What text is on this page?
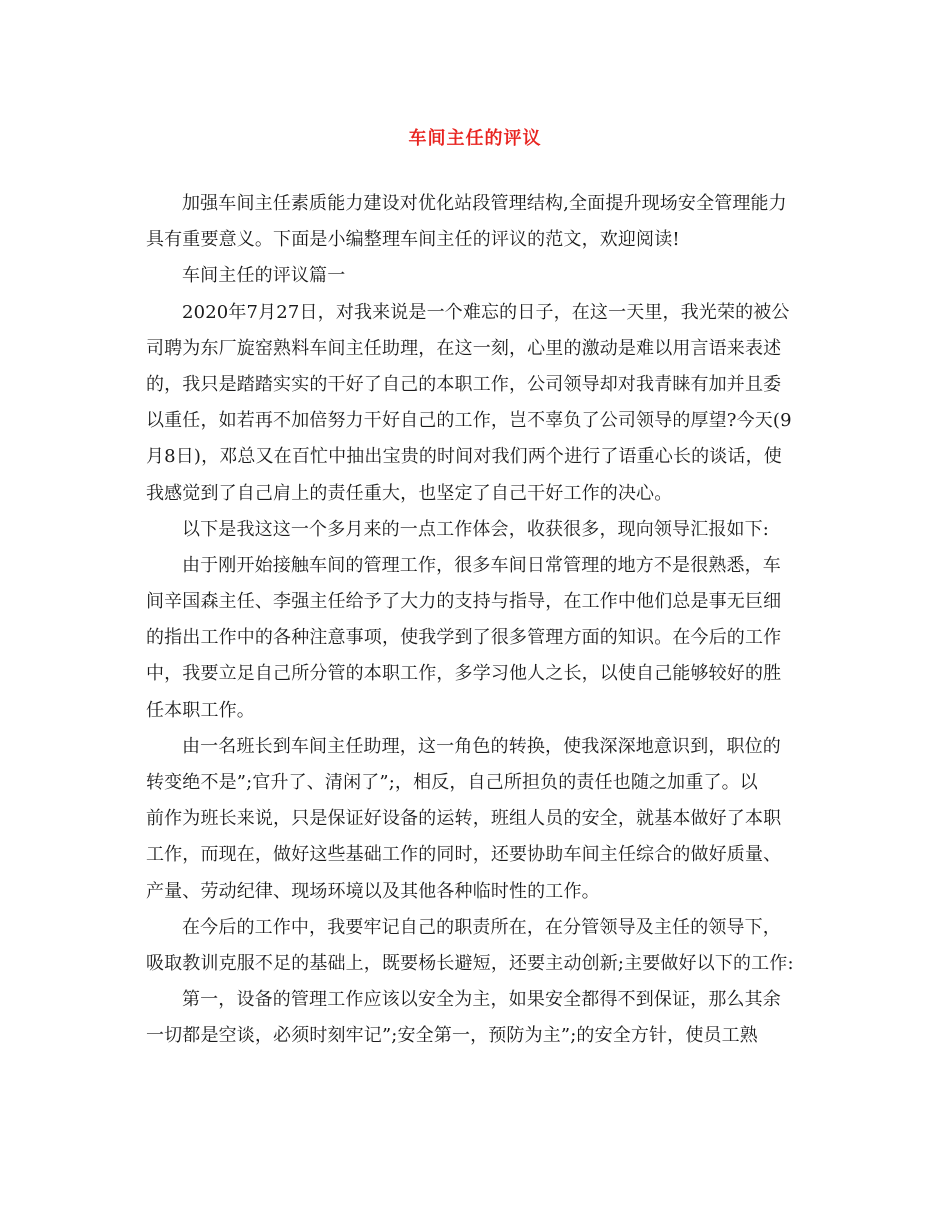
车间主任的评议
加强车间主任素质能力建设对优化站段管理结构,全面提升现场安全管理能力
具有重要意义。下面是小编整理车间主任的评议的范文，欢迎阅读!
车间主任的评议篇一
2020年7月27日，对我来说是一个难忘的日子，在这一天里，我光荣的被公
司聘为东厂旋窑熟料车间主任助理，在这一刻，心里的激动是难以用言语来表述
的，我只是踏踏实实的干好了自己的本职工作，公司领导却对我青睐有加并且委
以重任，如若再不加倍努力干好自己的工作，岂不辜负了公司领导的厚望?今天(9
月8日)，邓总又在百忙中抽出宝贵的时间对我们两个进行了语重心长的谈话，使
我感觉到了自己肩上的责任重大，也坚定了自己干好工作的决心。
以下是我这这一个多月来的一点工作体会，收获很多，现向领导汇报如下:
由于刚开始接触车间的管理工作，很多车间日常管理的地方不是很熟悉，车
间辛国森主任、李强主任给予了大力的支持与指导，在工作中他们总是事无巨细
的指出工作中的各种注意事项，使我学到了很多管理方面的知识。在今后的工作
中，我要立足自己所分管的本职工作，多学习他人之长，以使自己能够较好的胜
任本职工作。
由一名班长到车间主任助理，这一角色的转换，使我深深地意识到，职位的
转变绝不是”;官升了、清闲了”;，相反，自己所担负的责任也随之加重了。以
前作为班长来说，只是保证好设备的运转，班组人员的安全，就基本做好了本职
工作，而现在，做好这些基础工作的同时，还要协助车间主任综合的做好质量、
产量、劳动纪律、现场环境以及其他各种临时性的工作。
在今后的工作中，我要牢记自己的职责所在，在分管领导及主任的领导下，
吸取教训克服不足的基础上，既要杨长避短，还要主动创新;主要做好以下的工作:
第一，设备的管理工作应该以安全为主，如果安全都得不到保证，那么其余
一切都是空谈，必须时刻牢记”;安全第一，预防为主”;的安全方针，使员工熟
